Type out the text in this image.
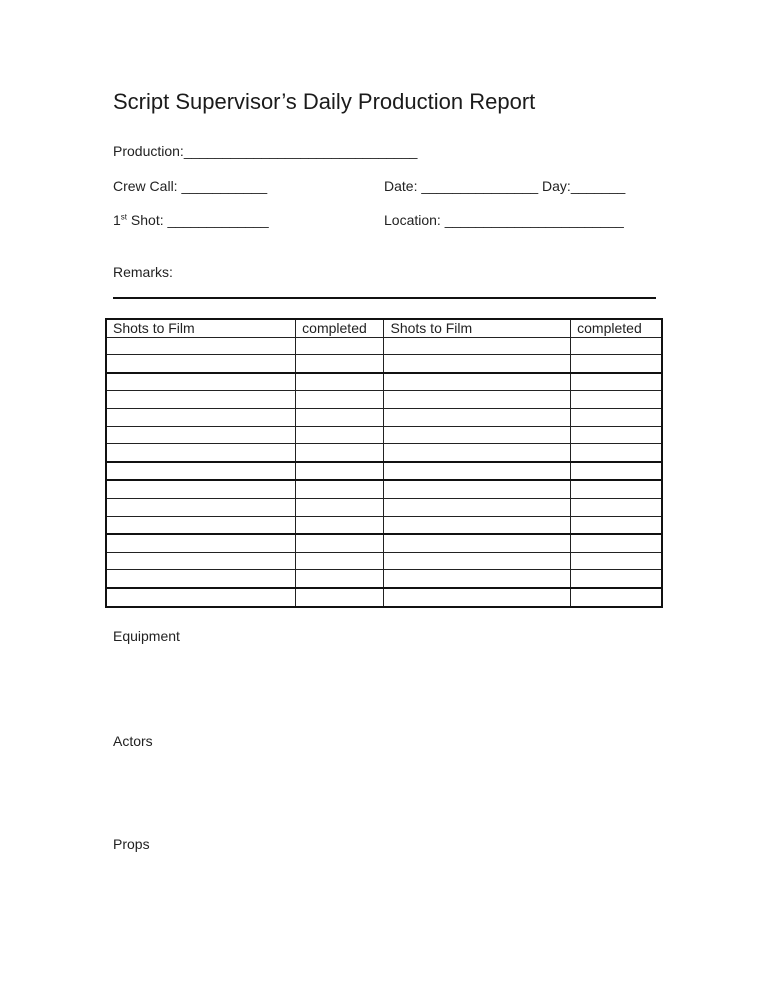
Script Supervisor’s Daily Production Report
Production:______________________________
Crew Call: ___________	Date: _______________ Day:_______
1st Shot: _____________	Location: _______________________
Remarks:
Shots to Film	completed	Shots to Film	completed

Equipment
Actors
Props
